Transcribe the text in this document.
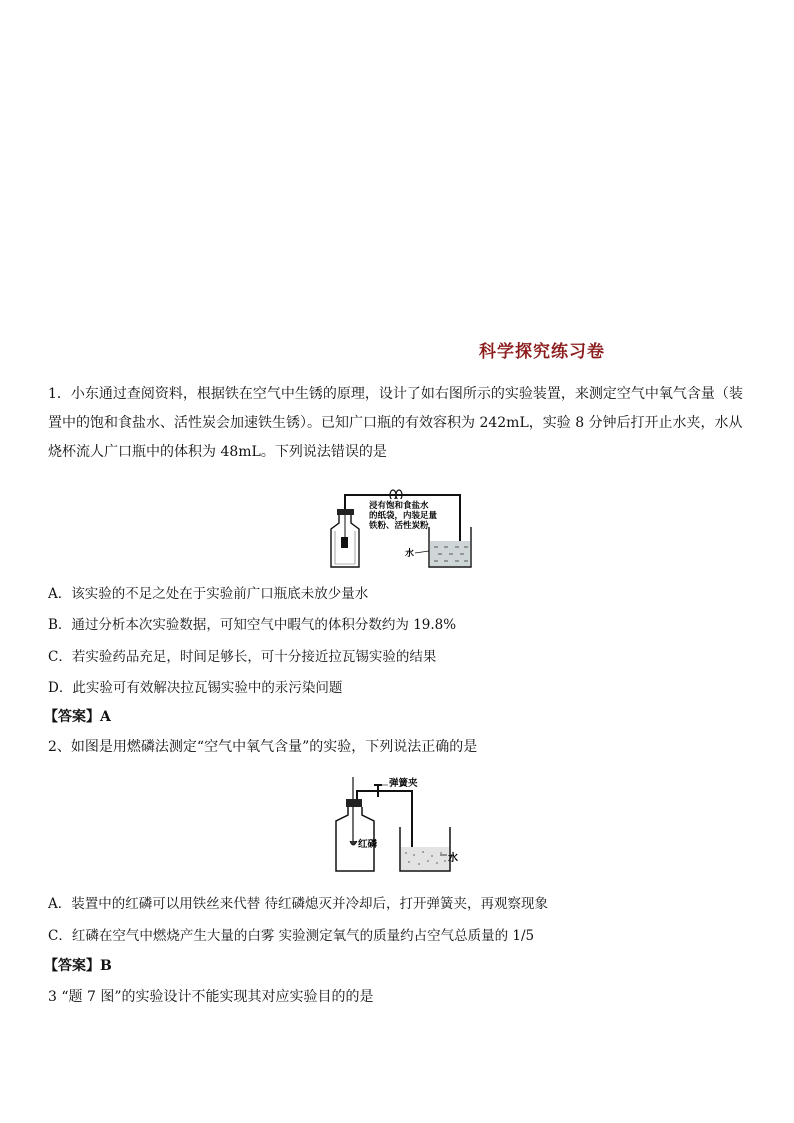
科学探究练习卷
1．小东通过查阅资料，根据铁在空气中生锈的原理，设计了如右图所示的实验装置，来测定空气中氧气含量（装置中的饱和食盐水、活性炭会加速铁生锈）。已知广口瓶的有效容积为 242mL，实验 8 分钟后打开止水夹，水从烧杯流人广口瓶中的体积为 48mL。下列说法错误的是
浸有饱和食盐水
的纸袋，内装足量
铁粉、活性炭粉
水
A．该实验的不足之处在于实验前广口瓶底未放少量水
B．通过分析本次实验数据，可知空气中暇气的体积分数约为 19.8%
C．若实验药品充足，时间足够长，可十分接近拉瓦锡实验的结果
D．此实验可有效解决拉瓦锡实验中的汞污染问题
【答案】A
2、如图是用燃磷法测定“空气中氧气含量”的实验，下列说法正确的是
弹簧夹
红磷
水
A．装置中的红磷可以用铁丝来代替 待红磷熄灭并冷却后，打开弹簧夹，再观察现象
C．红磷在空气中燃烧产生大量的白雾 实验测定氧气的质量约占空气总质量的 1/5
【答案】B
3 “题 7 图”的实验设计不能实现其对应实验目的的是
